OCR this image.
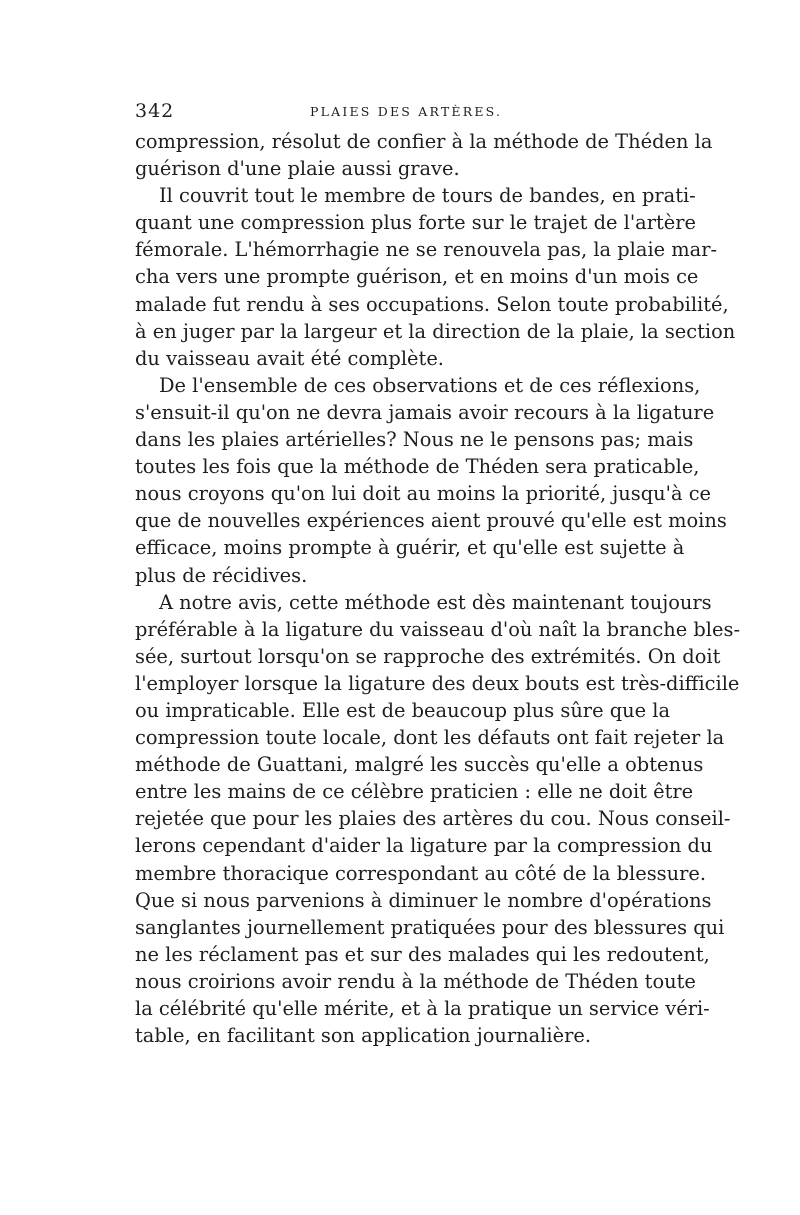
342	PLAIES DES ARTÈRES.
compression, résolut de confier à la méthode de Théden la
guérison d'une plaie aussi grave.
Il couvrit tout le membre de tours de bandes, en prati-
quant une compression plus forte sur le trajet de l'artère
fémorale. L'hémorrhagie ne se renouvela pas, la plaie mar-
cha vers une prompte guérison, et en moins d'un mois ce
malade fut rendu à ses occupations. Selon toute probabilité,
à en juger par la largeur et la direction de la plaie, la section
du vaisseau avait été complète.
De l'ensemble de ces observations et de ces réflexions,
s'ensuit-il qu'on ne devra jamais avoir recours à la ligature
dans les plaies artérielles? Nous ne le pensons pas; mais
toutes les fois que la méthode de Théden sera praticable,
nous croyons qu'on lui doit au moins la priorité, jusqu'à ce
que de nouvelles expériences aient prouvé qu'elle est moins
efficace, moins prompte à guérir, et qu'elle est sujette à
plus de récidives.
A notre avis, cette méthode est dès maintenant toujours
préférable à la ligature du vaisseau d'où naît la branche bles-
sée, surtout lorsqu'on se rapproche des extrémités. On doit
l'employer lorsque la ligature des deux bouts est très-difficile
ou impraticable. Elle est de beaucoup plus sûre que la
compression toute locale, dont les défauts ont fait rejeter la
méthode de Guattani, malgré les succès qu'elle a obtenus
entre les mains de ce célèbre praticien : elle ne doit être
rejetée que pour les plaies des artères du cou. Nous conseil-
lerons cependant d'aider la ligature par la compression du
membre thoracique correspondant au côté de la blessure.
Que si nous parvenions à diminuer le nombre d'opérations
sanglantes journellement pratiquées pour des blessures qui
ne les réclament pas et sur des malades qui les redoutent,
nous croirions avoir rendu à la méthode de Théden toute
la célébrité qu'elle mérite, et à la pratique un service véri-
table, en facilitant son application journalière.
